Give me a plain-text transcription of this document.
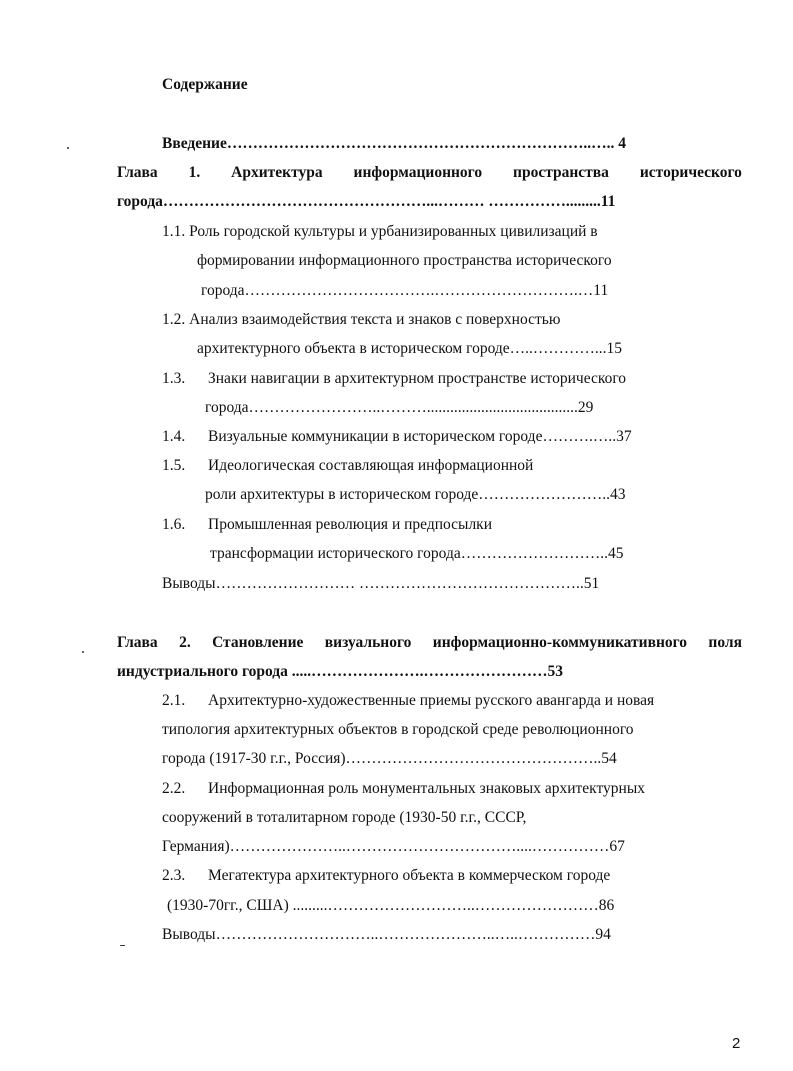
Содержание
Введение……………………………………………………………..….. 4
Глава 1. Архитектура информационного пространства исторического
города……………………………………………...……… …………….........11
1.1. Роль городской культуры и урбанизированных цивилизаций в
формировании информационного пространства исторического
города……………………………….……………………….…11
1.2. Анализ взаимодействия текста и знаков с поверхностью
архитектурного объекта в историческом городе…..…………...15
1.3. Знаки навигации в архитектурном пространстве исторического
города……………………..……….......................................29
1.4. Визуальные коммуникации в историческом городе……….…..37
1.5. Идеологическая составляющая информационной
роли архитектуры в историческом городе……………………..43
1.6. Промышленная революция и предпосылки
трансформации исторического города………………………..45
Выводы……………………… ……………………………………..51
Глава 2. Становление визуального информационно-коммуникативного поля
индустриального города .....………………….……………………53
2.1. Архитектурно-художественные приемы русского авангарда и новая
типология архитектурных объектов в городской среде революционного
города (1917-30 г.г., Россия)…………………………………………..54
2.2. Информационная роль монументальных знаковых архитектурных
сооружений в тоталитарном городе (1930-50 г.г., СССР,
Германия)…………………..……………………………....……………67
2.3. Мегатектура архитектурного объекта в коммерческом городе
(1930-70гг., США) .........………………………..……………………86
Выводы…………………………..…………………..…..……………94
2
